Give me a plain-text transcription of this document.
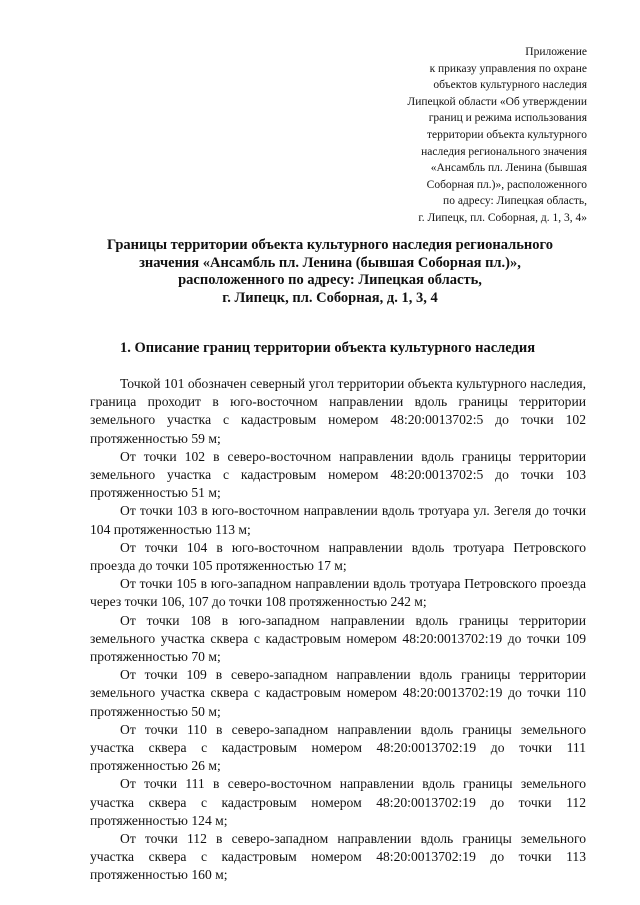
Приложение
к приказу управления по охране
объектов культурного наследия
Липецкой области «Об утверждении
границ и режима использования
территории объекта культурного
наследия регионального значения
«Ансамбль пл. Ленина (бывшая
Соборная пл.)», расположенного
по адресу: Липецкая область,
г. Липецк, пл. Соборная, д. 1, 3, 4»
Границы территории объекта культурного наследия регионального
значения «Ансамбль пл. Ленина (бывшая Соборная пл.)»,
расположенного по адресу: Липецкая область,
г. Липецк, пл. Соборная, д. 1, 3, 4
1. Описание границ территории объекта культурного наследия

Точкой 101 обозначен северный угол территории объекта культурного наследия, граница проходит в юго-восточном направлении вдоль границы территории земельного участка с кадастровым номером 48:20:0013702:5 до точки 102 протяженностью 59 м;

От точки 102 в северо-восточном направлении вдоль границы территории земельного участка с кадастровым номером 48:20:0013702:5 до точки 103 протяженностью 51 м;

От точки 103 в юго-восточном направлении вдоль тротуара ул. Зегеля до точки 104 протяженностью 113 м;

От точки 104 в юго-восточном направлении вдоль тротуара Петровского проезда до точки 105 протяженностью 17 м;

От точки 105 в юго-западном направлении вдоль тротуара Петровского проезда через точки 106, 107 до точки 108 протяженностью 242 м;

От точки 108 в юго-западном направлении вдоль границы территории земельного участка сквера с кадастровым номером 48:20:0013702:19 до точки 109 протяженностью 70 м;

От точки 109 в северо-западном направлении вдоль границы территории земельного участка сквера с кадастровым номером 48:20:0013702:19 до точки 110 протяженностью 50 м;

От точки 110 в северо-западном направлении вдоль границы земельного участка сквера с кадастровым номером 48:20:0013702:19 до точки 111 протяженностью 26 м;

От точки 111 в северо-восточном направлении вдоль границы земельного участка сквера с кадастровым номером 48:20:0013702:19 до точки 112 протяженностью 124 м;

От точки 112 в северо-западном направлении вдоль границы земельного участка сквера с кадастровым номером 48:20:0013702:19 до точки 113 протяженностью 160 м;
